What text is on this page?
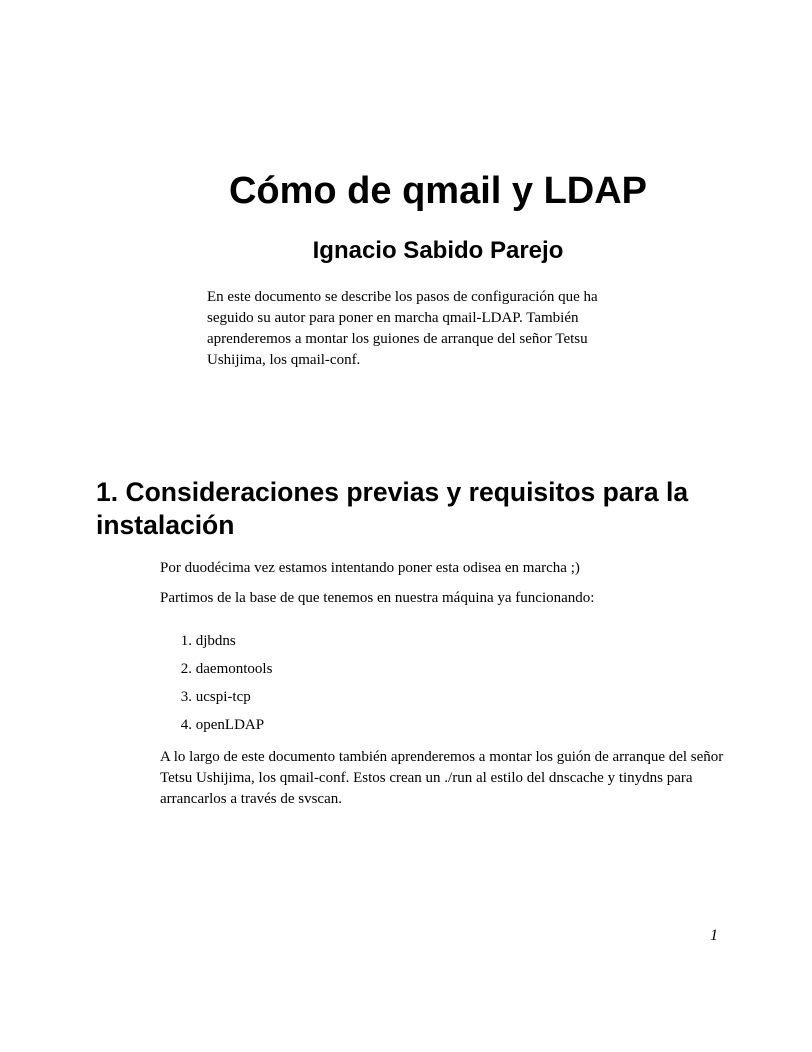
Cómo de qmail y LDAP
Ignacio Sabido Parejo

En este documento se describe los pasos de configuración que ha seguido su autor para poner en marcha qmail-LDAP. También aprenderemos a montar los guiones de arranque del señor Tetsu Ushijima, los qmail-conf.

1. Consideraciones previas y requisitos para la instalación

Por duodécima vez estamos intentando poner esta odisea en marcha ;)

Partimos de la base de que tenemos en nuestra máquina ya funcionando:

1. djbdns
2. daemontools
3. ucspi-tcp
4. openLDAP

A lo largo de este documento también aprenderemos a montar los guión de arranque del señor Tetsu Ushijima, los qmail-conf. Estos crean un ./run al estilo del dnscache y tinydns para arrancarlos a través de svscan.

1
